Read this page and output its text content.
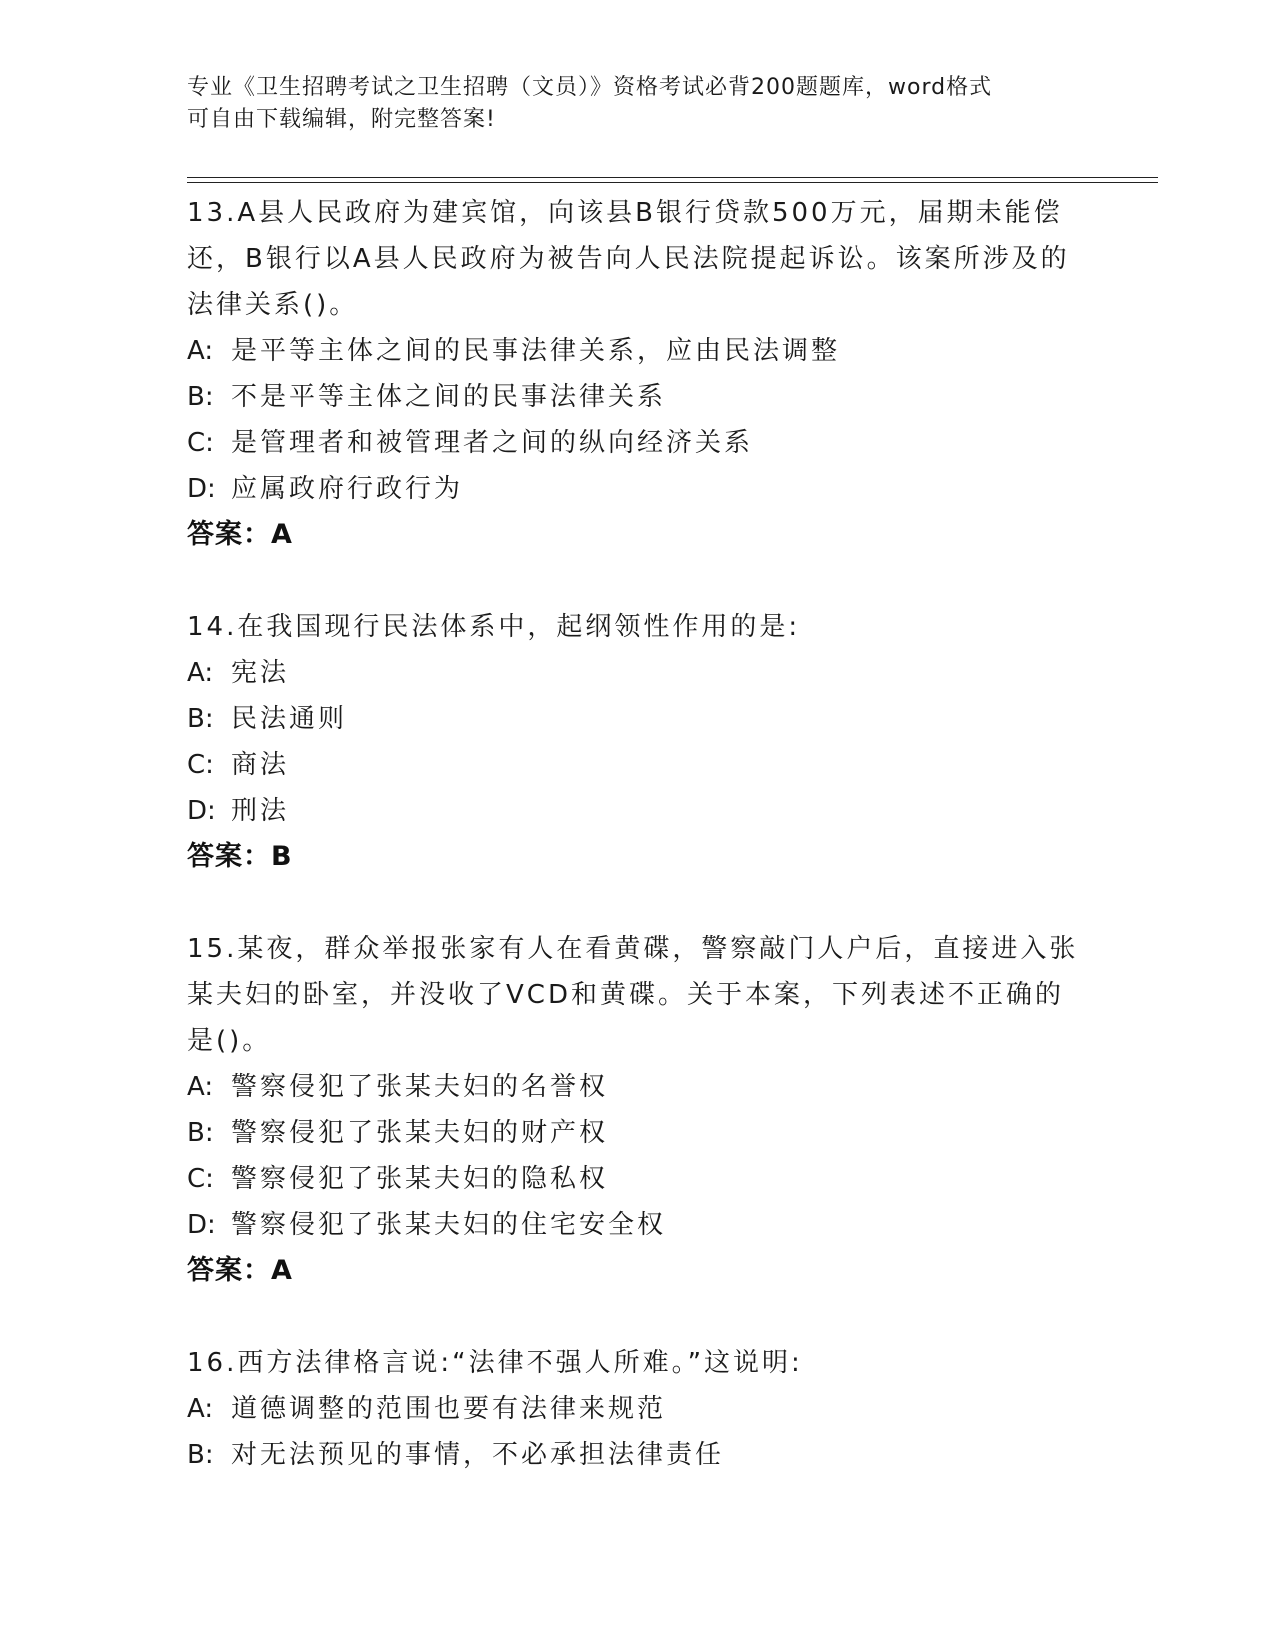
专业《卫生招聘考试之卫生招聘（文员）》资格考试必背200题题库，word格式
可自由下载编辑，附完整答案!
13.A县人民政府为建宾馆，向该县B银行贷款500万元，届期未能偿
还，B银行以A县人民政府为被告向人民法院提起诉讼。该案所涉及的
法律关系()。
A: 是平等主体之间的民事法律关系，应由民法调整
B: 不是平等主体之间的民事法律关系
C: 是管理者和被管理者之间的纵向经济关系
D: 应属政府行政行为
答案：A
14.在我国现行民法体系中，起纲领性作用的是:
A: 宪法
B: 民法通则
C: 商法
D: 刑法
答案：B
15.某夜，群众举报张家有人在看黄碟，警察敲门人户后，直接进入张
某夫妇的卧室，并没收了VCD和黄碟。关于本案，下列表述不正确的
是()。
A: 警察侵犯了张某夫妇的名誉权
B: 警察侵犯了张某夫妇的财产权
C: 警察侵犯了张某夫妇的隐私权
D: 警察侵犯了张某夫妇的住宅安全权
答案：A
16.西方法律格言说:“法律不强人所难。”这说明:
A: 道德调整的范围也要有法律来规范
B: 对无法预见的事情，不必承担法律责任
